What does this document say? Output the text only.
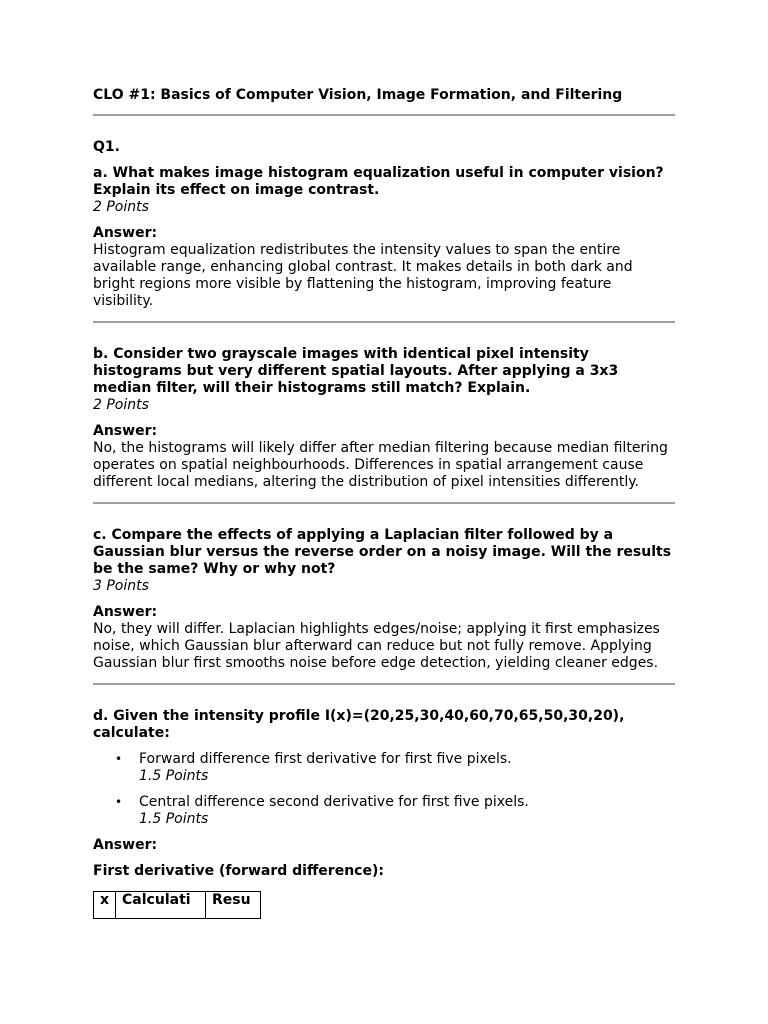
CLO #1: Basics of Computer Vision, Image Formation, and Filtering

Q1.

a. What makes image histogram equalization useful in computer vision? Explain its effect on image contrast.

2 Points

Answer:

Histogram equalization redistributes the intensity values to span the entire available range, enhancing global contrast. It makes details in both dark and bright regions more visible by flattening the histogram, improving feature visibility.

b. Consider two grayscale images with identical pixel intensity histograms but very different spatial layouts. After applying a 3x3 median filter, will their histograms still match? Explain.

2 Points

Answer:

No, the histograms will likely differ after median filtering because median filtering operates on spatial neighbourhoods. Differences in spatial arrangement cause different local medians, altering the distribution of pixel intensities differently.

c. Compare the effects of applying a Laplacian filter followed by a Gaussian blur versus the reverse order on a noisy image. Will the results be the same? Why or why not?

3 Points

Answer:

No, they will differ. Laplacian highlights edges/noise; applying it first emphasizes noise, which Gaussian blur afterward can reduce but not fully remove. Applying Gaussian blur first smooths noise before edge detection, yielding cleaner edges.

d. Given the intensity profile I(x)=(20,25,30,40,60,70,65,50,30,20), calculate:

• Forward difference first derivative for first five pixels.
1.5 Points
• Central difference second derivative for first five pixels.
1.5 Points

Answer:

First derivative (forward difference):

x	Calculati	Resu
